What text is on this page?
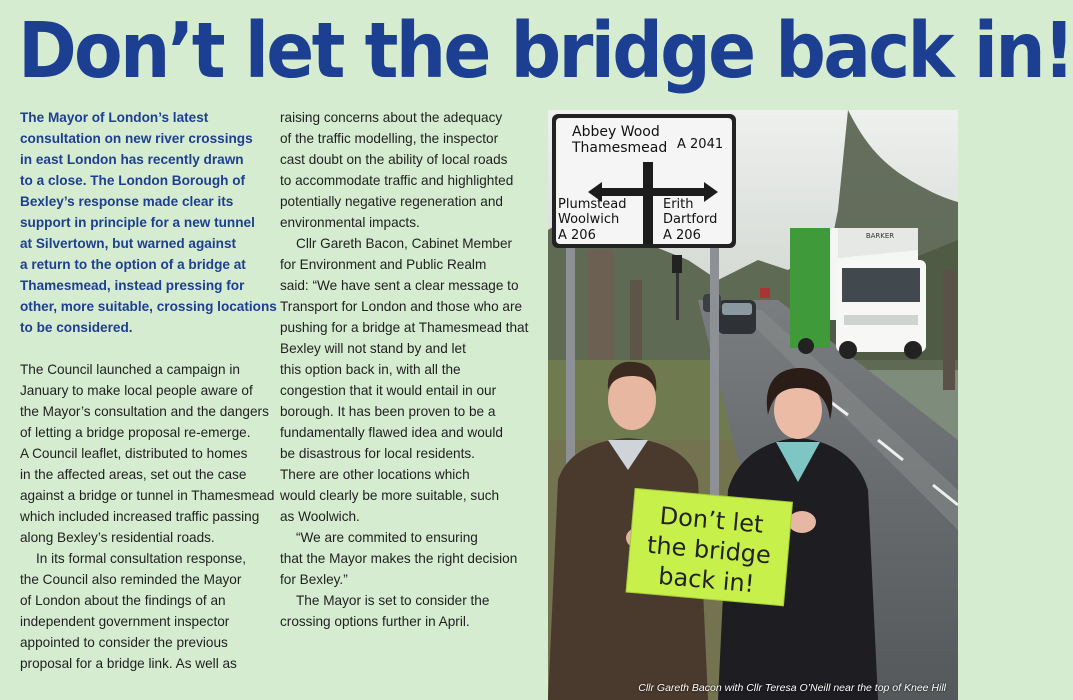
Don’t let the bridge back in!

The Mayor of London’s latest
consultation on new river crossings
in east London has recently drawn
to a close. The London Borough of
Bexley’s response made clear its
support in principle for a new tunnel
at Silvertown, but warned against
a return to the option of a bridge at
Thamesmead, instead pressing for
other, more suitable, crossing locations
to be considered.

The Council launched a campaign in
January to make local people aware of
the Mayor’s consultation and the dangers
of letting a bridge proposal re-emerge.
A Council leaflet, distributed to homes
in the affected areas, set out the case
against a bridge or tunnel in Thamesmead
which included increased traffic passing
along Bexley’s residential roads.

In its formal consultation response,
the Council also reminded the Mayor
of London about the findings of an
independent government inspector
appointed to consider the previous
proposal for a bridge link. As well as

raising concerns about the adequacy
of the traffic modelling, the inspector
cast doubt on the ability of local roads
to accommodate traffic and highlighted
potentially negative regeneration and
environmental impacts.

Cllr Gareth Bacon, Cabinet Member
for Environment and Public Realm
said: “We have sent a clear message to
Transport for London and those who are
pushing for a bridge at Thamesmead that
Bexley will not stand by and let
this option back in, with all the
congestion that it would entail in our
borough. It has been proven to be a
fundamentally flawed idea and would
be disastrous for local residents.
There are other locations which
would clearly be more suitable, such
as Woolwich.

“We are commited to ensuring
that the Mayor makes the right decision
for Bexley.”

The Mayor is set to consider the
crossing options further in April.

BARKER
Abbey Wood
Thamesmead A 2041
Plumstead
Woolwich
A 206
Erith
Dartford
A 206
Don’t let
the bridge
back in!
Cllr Gareth Bacon with Cllr Teresa O’Neill near the top of Knee Hill
